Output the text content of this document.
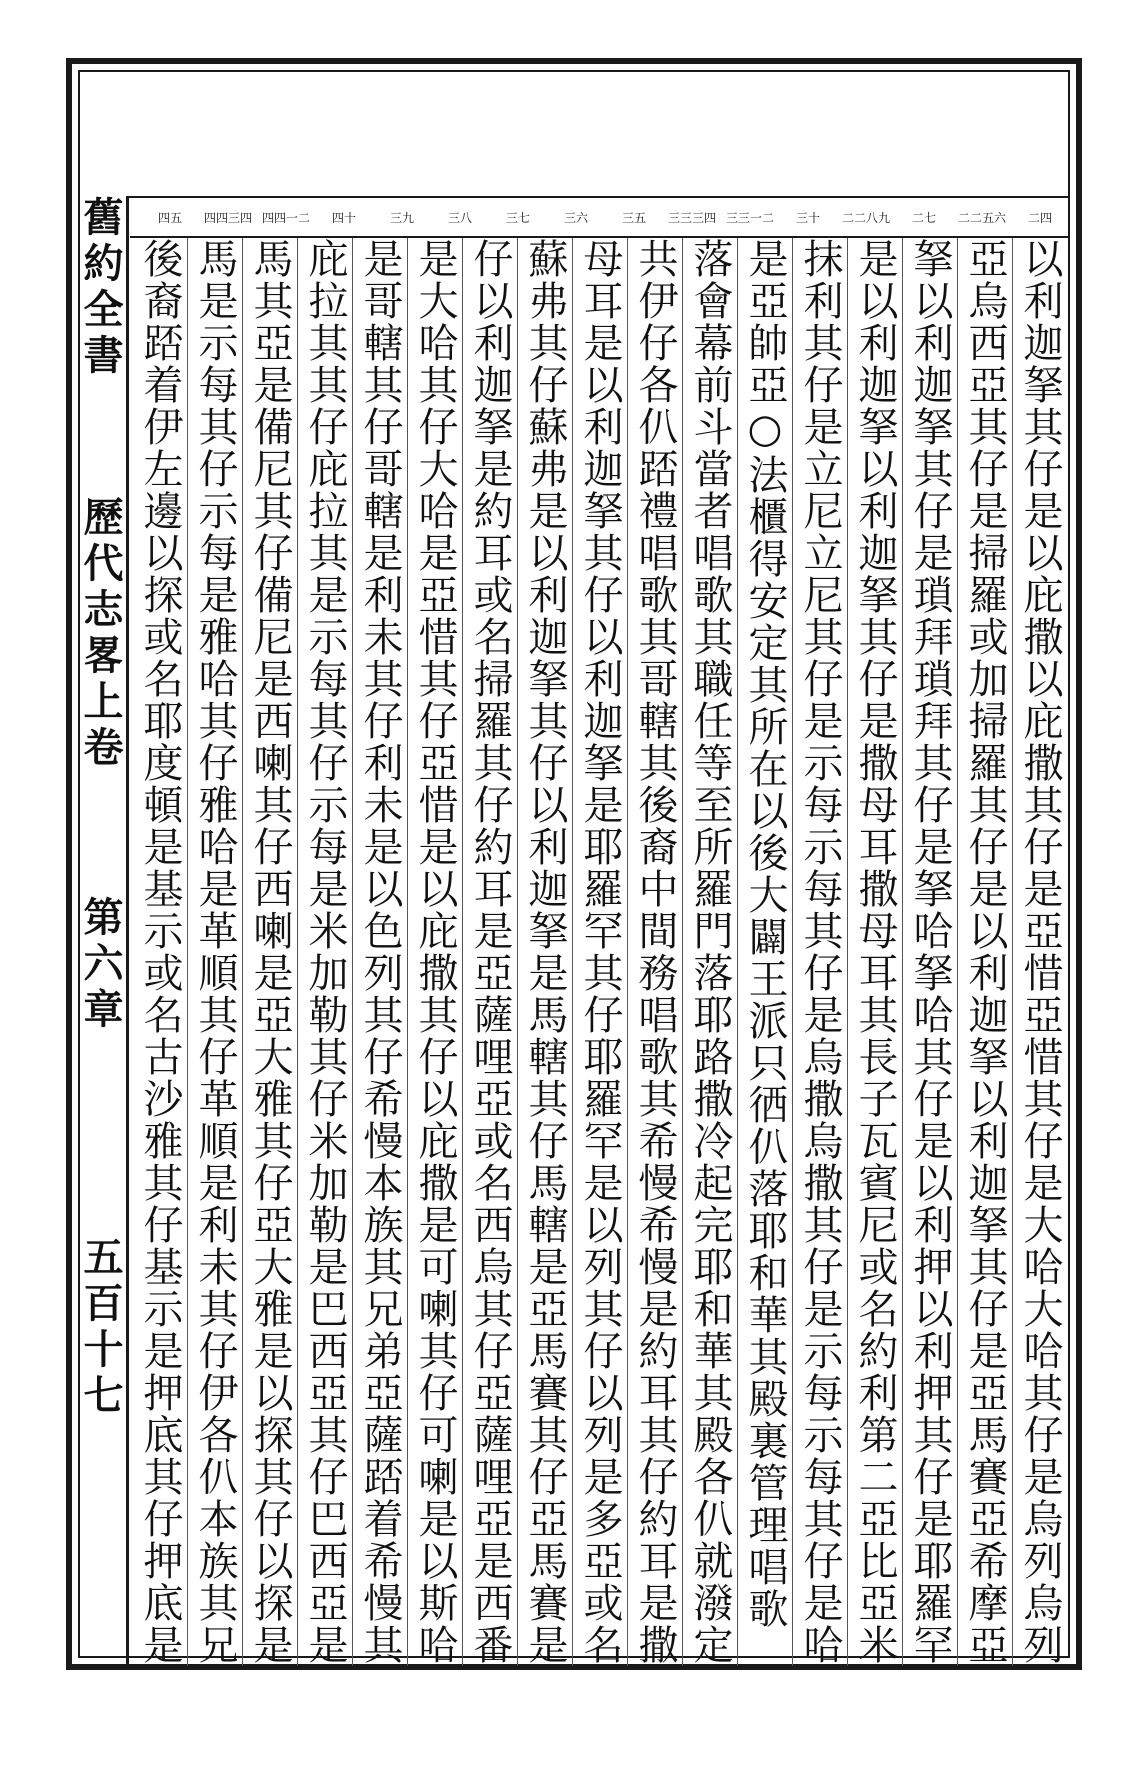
舊約全書
歷代志畧上卷
第六章
五百十七
二四
二二五六
二七
二二八九
三十
三三一二
三三三四
三五
三六
三七
三八
三九
四十
四四一二
四四三四
四五
以利迦拏其仔是以庇撒以庇撒其仔是亞惜亞惜其仔是大哈大哈其仔是烏列烏列
亞烏西亞其仔是掃羅或加掃羅其仔是以利迦拏以利迦拏其仔是亞馬賽亞希摩亞
拏以利迦拏其仔是瑣拜瑣拜其仔是拏哈拏哈其仔是以利押以利押其仔是耶羅罕
是以利迦拏以利迦拏其仔是撒母耳撒母耳其長子瓦賓尼或名約利第二亞比亞米
抹利其仔是立尼立尼其仔是示每示每其仔是烏撒烏撒其仔是示每示每其仔是哈
是亞帥亞○法櫃得安定其所在以後大闢王派只徆仈落耶和華其殿裏管理唱歌
落會幕前斗當者唱歌其職任等至所羅門落耶路撒冷起完耶和華其殿各仈就潑定
共伊仔各仈踎禮唱歌其哥轄其後裔中間務唱歌其希慢希慢是約耳其仔約耳是撒
母耳是以利迦拏其仔以利迦拏是耶羅罕其仔耶羅罕是以列其仔以列是多亞或名
蘇弗其仔蘇弗是以利迦拏其仔以利迦拏是馬轄其仔馬轄是亞馬賽其仔亞馬賽是
仔以利迦拏是約耳或名掃羅其仔約耳是亞薩哩亞或名西烏其仔亞薩哩亞是西番
是大哈其仔大哈是亞惜其仔亞惜是以庇撒其仔以庇撒是可喇其仔可喇是以斯哈
是哥轄其仔哥轄是利未其仔利未是以色列其仔希慢本族其兄弟亞薩踎着希慢其
庇拉其其仔庇拉其是示每其仔示每是米加勒其仔米加勒是巴西亞其仔巴西亞是
馬其亞是備尼其仔備尼是西喇其仔西喇是亞大雅其仔亞大雅是以探其仔以探是
馬是示每其仔示每是雅哈其仔雅哈是革順其仔革順是利未其仔伊各仈本族其兄
後裔踎着伊左邊以探或名耶度頓是基示或名古沙雅其仔基示是押底其仔押底是
